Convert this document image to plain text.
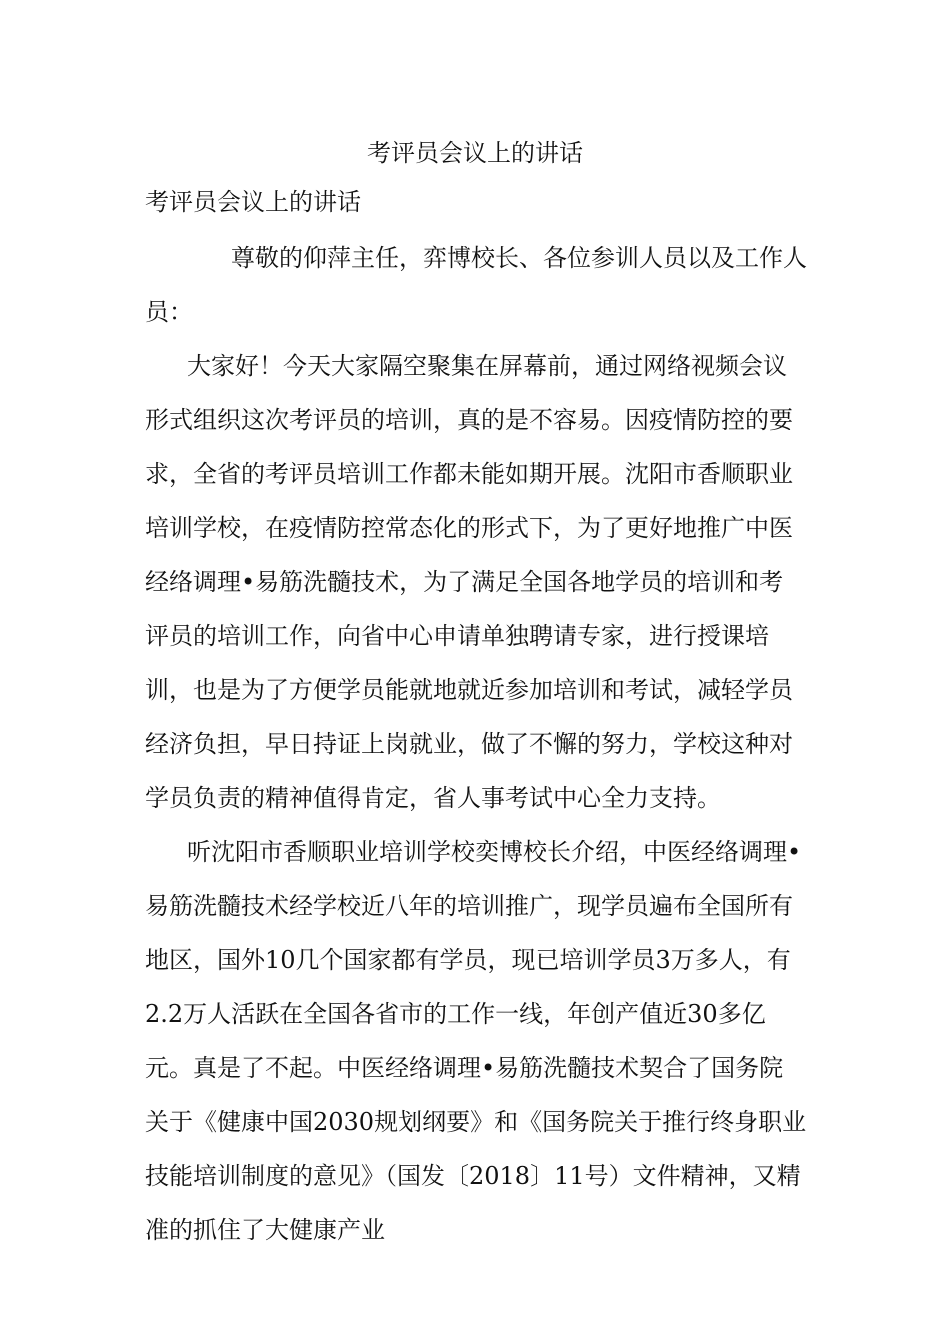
考评员会议上的讲话

考评员会议上的讲话

尊敬的仰萍主任，弈博校长、各位参训人员以及工作人员：

大家好！今天大家隔空聚集在屏幕前，通过网络视频会议形式组织这次考评员的培训，真的是不容易。因疫情防控的要求，全省的考评员培训工作都未能如期开展。沈阳市香顺职业培训学校，在疫情防控常态化的形式下，为了更好地推广中医经络调理•易筋洗髓技术，为了满足全国各地学员的培训和考评员的培训工作，向省中心申请单独聘请专家，进行授课培训，也是为了方便学员能就地就近参加培训和考试，减轻学员经济负担，早日持证上岗就业，做了不懈的努力，学校这种对学员负责的精神值得肯定，省人事考试中心全力支持。

听沈阳市香顺职业培训学校奕博校长介绍，中医经络调理•易筋洗髓技术经学校近八年的培训推广，现学员遍布全国所有地区，国外10几个国家都有学员，现已培训学员3万多人，有2.2万人活跃在全国各省市的工作一线，年创产值近30多亿元。真是了不起。中医经络调理•易筋洗髓技术契合了国务院关于《健康中国2030规划纲要》和《国务院关于推行终身职业技能培训制度的意见》（国发〔2018〕11号）文件精神，又精准的抓住了大健康产业
